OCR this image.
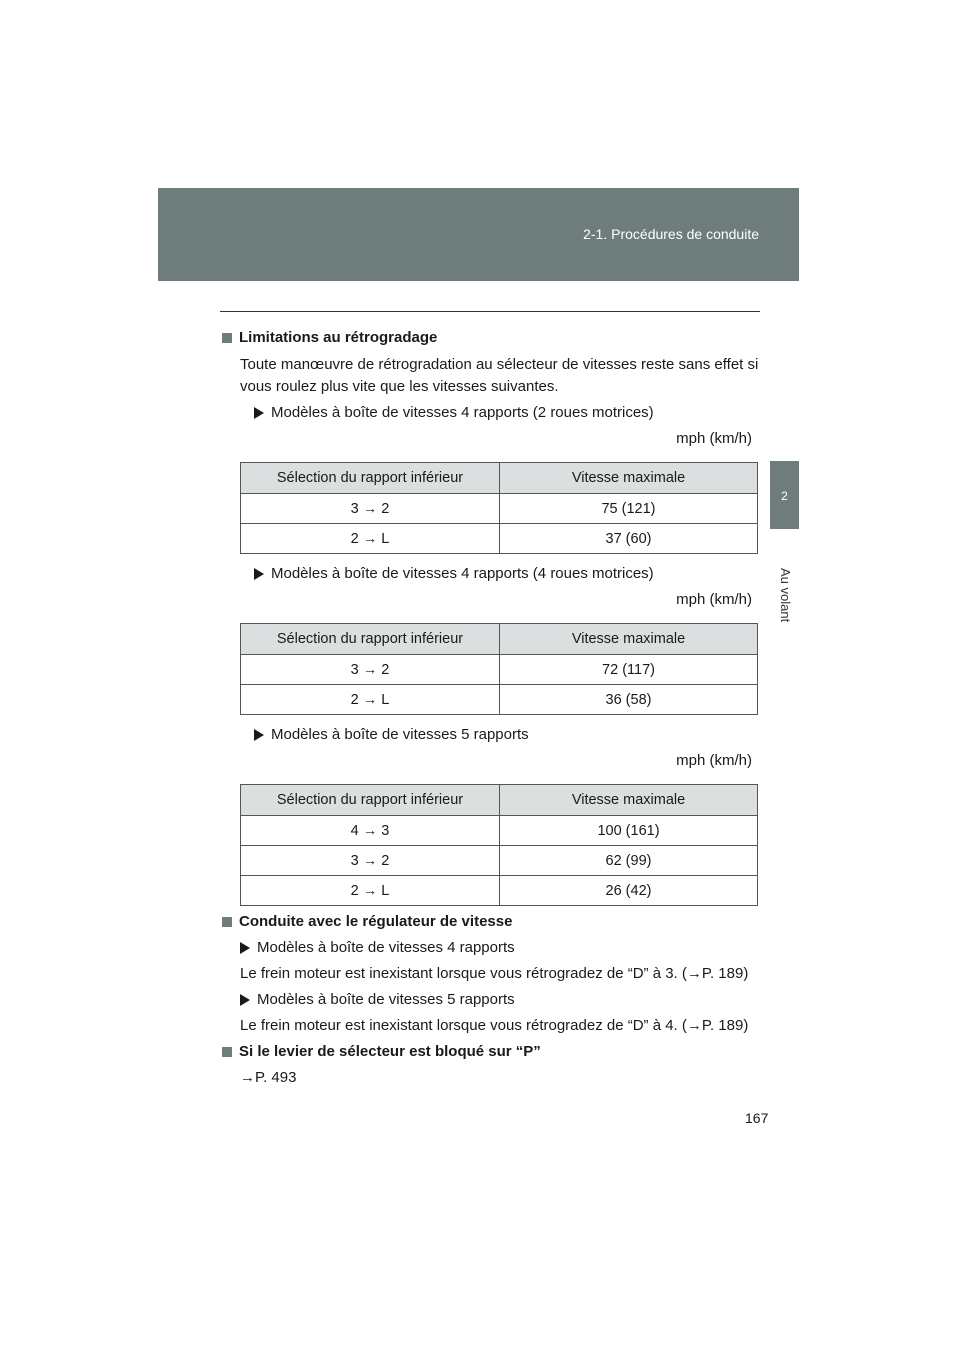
2-1. Procédures de conduite
2
Au volant
Limitations au rétrogradage
Toute manœuvre de rétrogradation au sélecteur de vitesses reste sans effet si vous roulez plus vite que les vitesses suivantes.
Modèles à boîte de vitesses 4 rapports (2 roues motrices)
mph (km/h)
Sélection du rapport inférieur	Vitesse maximale
3 → 2	75 (121)
2 → L	37 (60)
Modèles à boîte de vitesses 4 rapports (4 roues motrices)
mph (km/h)
Sélection du rapport inférieur	Vitesse maximale
3 → 2	72 (117)
2 → L	36 (58)
Modèles à boîte de vitesses 5 rapports
mph (km/h)
Sélection du rapport inférieur	Vitesse maximale
4 → 3	100 (161)
3 → 2	62 (99)
2 → L	26 (42)
Conduite avec le régulateur de vitesse
Modèles à boîte de vitesses 4 rapports
Le frein moteur est inexistant lorsque vous rétrogradez de “D” à 3. (→P. 189)
Modèles à boîte de vitesses 5 rapports
Le frein moteur est inexistant lorsque vous rétrogradez de “D” à 4. (→P. 189)
Si le levier de sélecteur est bloqué sur “P”
→P. 493
167
